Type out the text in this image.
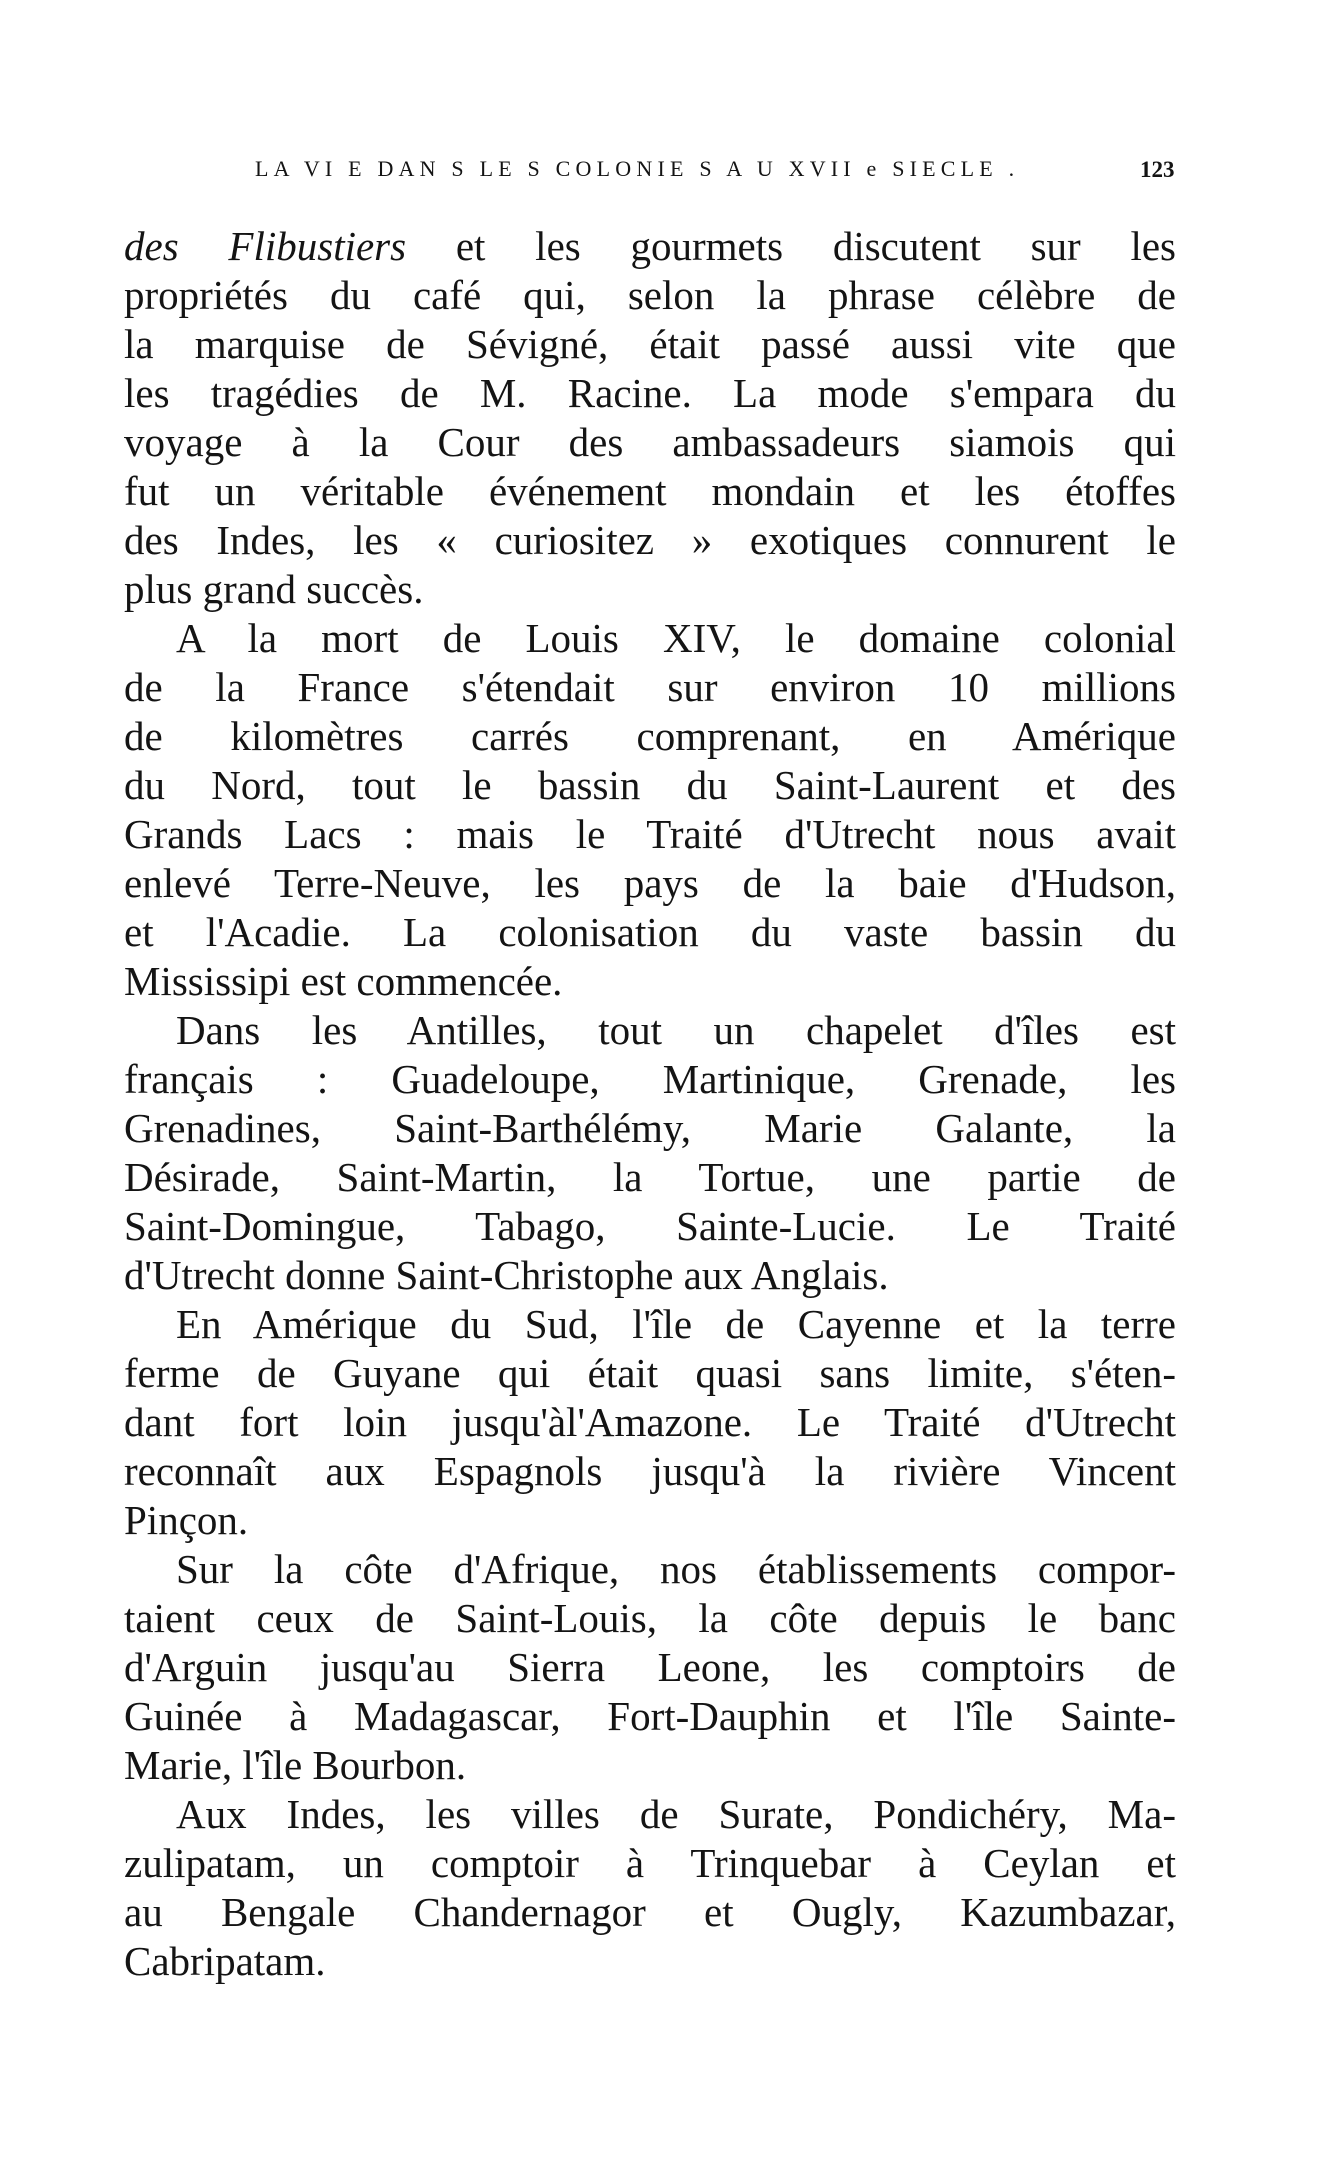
LA VI E DAN S LE S COLONIE S A U XVII e SIECLE .	123
des Flibustiers et les gourmets discutent sur les
propriétés du café qui, selon la phrase célèbre de
la marquise de Sévigné, était passé aussi vite que
les tragédies de M. Racine. La mode s'empara du
voyage à la Cour des ambassadeurs siamois qui
fut un véritable événement mondain et les étoffes
des Indes, les « curiositez » exotiques connurent le
plus grand succès.
A la mort de Louis XIV, le domaine colonial
de la France s'étendait sur environ 10 millions
de kilomètres carrés comprenant, en Amérique
du Nord, tout le bassin du Saint-Laurent et des
Grands Lacs : mais le Traité d'Utrecht nous avait
enlevé Terre-Neuve, les pays de la baie d'Hudson,
et l'Acadie. La colonisation du vaste bassin du
Mississipi est commencée.
Dans les Antilles, tout un chapelet d'îles est
français : Guadeloupe, Martinique, Grenade, les
Grenadines, Saint-Barthélémy, Marie Galante, la
Désirade, Saint-Martin, la Tortue, une partie de
Saint-Domingue, Tabago, Sainte-Lucie. Le Traité
d'Utrecht donne Saint-Christophe aux Anglais.
En Amérique du Sud, l'île de Cayenne et la terre
ferme de Guyane qui était quasi sans limite, s'éten-
dant fort loin jusqu'àl'Amazone. Le Traité d'Utrecht
reconnaît aux Espagnols jusqu'à la rivière Vincent
Pinçon.
Sur la côte d'Afrique, nos établissements compor-
taient ceux de Saint-Louis, la côte depuis le banc
d'Arguin jusqu'au Sierra Leone, les comptoirs de
Guinée à Madagascar, Fort-Dauphin et l'île Sainte-
Marie, l'île Bourbon.
Aux Indes, les villes de Surate, Pondichéry, Ma-
zulipatam, un comptoir à Trinquebar à Ceylan et
au Bengale Chandernagor et Ougly, Kazumbazar,
Cabripatam.
